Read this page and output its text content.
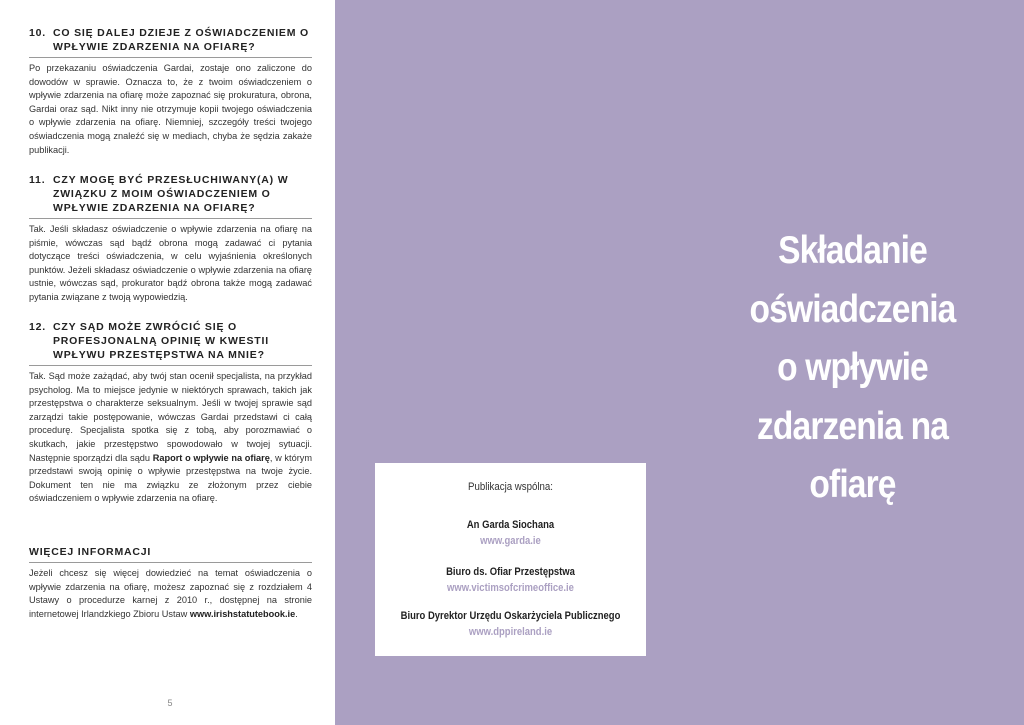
10. CO SIĘ DALEJ DZIEJE Z OŚWIADCZENIEM O WPŁYWIE ZDARZENIA NA OFIARĘ?
Po przekazaniu oświadczenia Gardai, zostaje ono zaliczone do dowodów w sprawie. Oznacza to, że z twoim oświadczeniem o wpływie zdarzenia na ofiarę może zapoznać się prokuratura, obrona, Gardai oraz sąd. Nikt inny nie otrzymuje kopii twojego oświadczenia o wpływie zdarzenia na ofiarę. Niemniej, szczegóły treści twojego oświadczenia mogą znaleźć się w mediach, chyba że sędzia zakaże publikacji.
11. CZY MOGĘ BYĆ PRZESŁUCHIWANY(A) W ZWIĄZKU Z MOIM OŚWIADCZENIEM O WPŁYWIE ZDARZENIA NA OFIARĘ?
Tak. Jeśli składasz oświadczenie o wpływie zdarzenia na ofiarę na piśmie, wówczas sąd bądź obrona mogą zadawać ci pytania dotyczące treści oświadczenia, w celu wyjaśnienia określonych punktów. Jeżeli składasz oświadczenie o wpływie zdarzenia na ofiarę ustnie, wówczas sąd, prokurator bądź obrona także mogą zadawać pytania związane z twoją wypowiedzią.
12. CZY SĄD MOŻE ZWRÓCIĆ SIĘ O PROFESJONALNĄ OPINIĘ W KWESTII WPŁYWU PRZESTĘPSTWA NA MNIE?
Tak. Sąd może zażądać, aby twój stan ocenił specjalista, na przykład psycholog. Ma to miejsce jedynie w niektórych sprawach, takich jak przestępstwa o charakterze seksualnym. Jeśli w twojej sprawie sąd zarządzi takie postępowanie, wówczas Gardai przedstawi ci całą procedurę. Specjalista spotka się z tobą, aby porozmawiać o skutkach, jakie przestępstwo spowodowało w twojej sytuacji. Następnie sporządzi dla sądu Raport o wpływie na ofiarę, w którym przedstawi swoją opinię o wpływie przestępstwa na twoje życie. Dokument ten nie ma związku ze złożonym przez ciebie oświadczeniem o wpływie zdarzenia na ofiarę.
WIĘCEJ INFORMACJI
Jeżeli chcesz się więcej dowiedzieć na temat oświadczenia o wpływie zdarzenia na ofiarę, możesz zapoznać się z rozdziałem 4 Ustawy o procedurze karnej z 2010 r., dostępnej na stronie internetowej Irlandzkiego Zbioru Ustaw www.irishstatutebook.ie.
5
Składanie
oświadczenia
o wpływie
zdarzenia na
ofiarę
Publikacja wspólna:
An Garda Siochana
www.garda.ie
Biuro ds. Ofiar Przestępstwa
www.victimsofcrimeoffice.ie
Biuro Dyrektor Urzędu Oskarżyciela Publicznego
www.dppireland.ie
